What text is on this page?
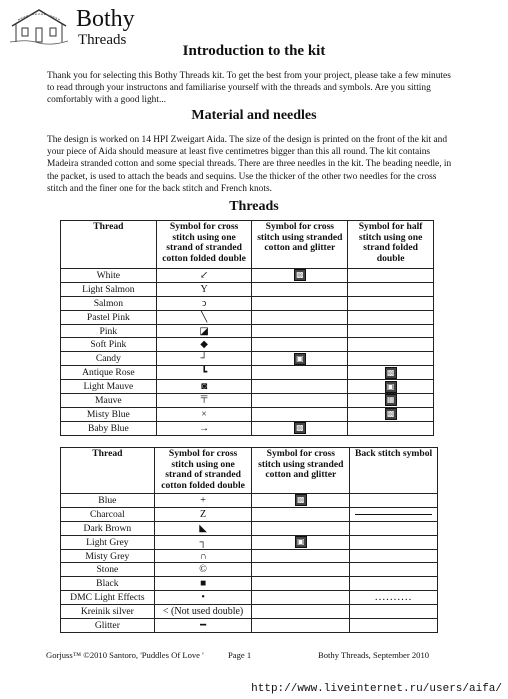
Bothy
Threads
Introduction to the kit

Thank you for selecting this Bothy Threads kit. To get the best from your project, please take a few minutes to read through your instructons and familiarise yourself with the threads and symbols. Are you sitting comfortably with a good light...

Material and needles

The design is worked on 14 HPI Zweigart Aida. The size of the design is printed on the front of the kit and your piece of Aida should measure at least five centimetres bigger than this all round. The kit contains Madeira stranded cotton and some special threads. There are three needles in the kit. The beading needle, in the packet, is used to attach the beads and sequins. Use the thicker of the other two needles for the cross stitch and the finer one for the back stitch and French knots.

Threads
Thread	Symbol for cross stitch using one strand of stranded cotton folded double	Symbol for cross stitch using stranded cotton and glitter	Symbol for half stitch using one strand folded double
White	↙	▩	
Light Salmon	Y		
Salmon	ↄ		
Pastel Pink	╲		
Pink	◪		
Soft Pink	◆		
Candy	┘	▣	
Antique Rose	┗		▩
Light Mauve	◙		▣
Mauve	〒		▦
Misty Blue	×		▩
Baby Blue	→	▩	
Thread	Symbol for cross stitch using one strand of stranded cotton folded double	Symbol for cross stitch using stranded cotton and glitter	Back stitch symbol
Blue	+	▩	
Charcoal	Z		

Dark Brown	◣		
Light Grey	┐	▣	
Misty Grey	∩		
Stone	©		
Black	■		
DMC Light Effects	•		..........
Kreinik silver	< (Not used double)		
Glitter	━		
Gorjuss™ ©2010 Santoro, 'Puddles Of Love '	Page 1	Bothy Threads, September 2010
http://www.liveinternet.ru/users/aifa/
